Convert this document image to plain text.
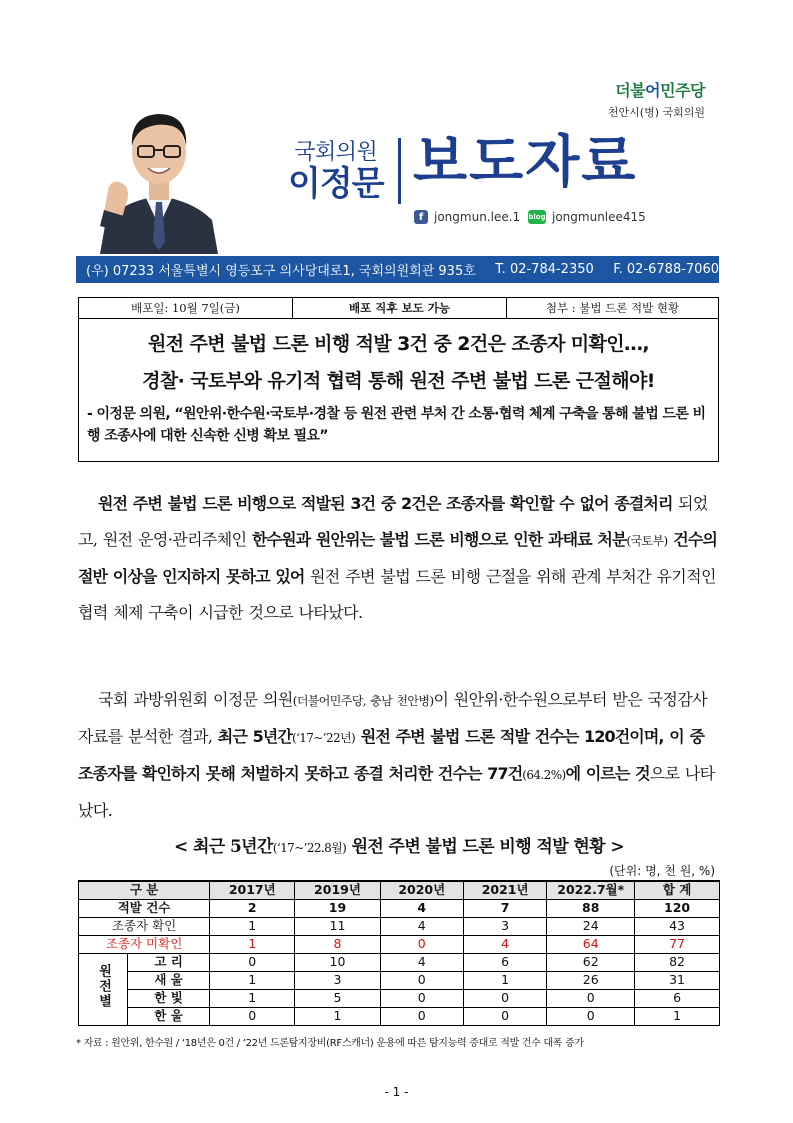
더불어민주당
천안시(병) 국회의원
국회의원
이정문 보도자료
f jongmun.lee.1 blog jongmunlee415
(우) 07233 서울특별시 영등포구 의사당대로1, 국회의원회관 935호 T. 02-784-2350 F. 02-6788-7060
배포일: 10월 7일(금)	배포 직후 보도 가능	첨부 : 불법 드론 적발 현황
원전 주변 불법 드론 비행 적발 3건 중 2건은 조종자 미확인…,
경찰· 국토부와 유기적 협력 통해 원전 주변 불법 드론 근절해야!
- 이정문 의원, “원안위·한수원·국토부·경찰 등 원전 관련 부처 간 소통·협력 체계 구축을 통해 불법 드론 비행 조종사에 대한 신속한 신병 확보 필요”

원전 주변 불법 드론 비행으로 적발된 3건 중 2건은 조종자를 확인할 수 없어 종결처리 되었고, 원전 운영·관리주체인 한수원과 원안위는 불법 드론 비행으로 인한 과태료 처분(국토부) 건수의 절반 이상을 인지하지 못하고 있어 원전 주변 불법 드론 비행 근절을 위해 관계 부처간 유기적인 협력 체제 구축이 시급한 것으로 나타났다.

국회 과방위원회 이정문 의원(더불어민주당, 충남 천안병)이 원안위·한수원으로부터 받은 국정감사 자료를 분석한 결과, 최근 5년간(‘17~’22년) 원전 주변 불법 드론 적발 건수는 120건이며, 이 중 조종자를 확인하지 못해 처벌하지 못하고 종결 처리한 건수는 77건(64.2%)에 이르는 것으로 나타났다.

< 최근 5년간(‘17~’22.8월) 원전 주변 불법 드론 비행 적발 현황 >
(단위: 명, 천 원, %)
구 분		2017년	2019년	2020년	2021년	2022.7월*	합 계
적발 건수		2	19	4	7	88	120
조종자 확인		1	11	4	3	24	43
조종자 미확인		1	8	0	4	64	77
원전별	고 리	0	10	4	6	62	82
	새 울	1	3	0	1	26	31
	한 빛	1	5	0	0	0	6
	한 울	0	1	0	0	0	1
* 자료 : 원안위, 한수원 / ‘18년은 0건 / ‘22년 드론탐지장비(RF스캐너) 운용에 따른 탐지능력 증대로 적발 건수 대폭 증가
- 1 -
